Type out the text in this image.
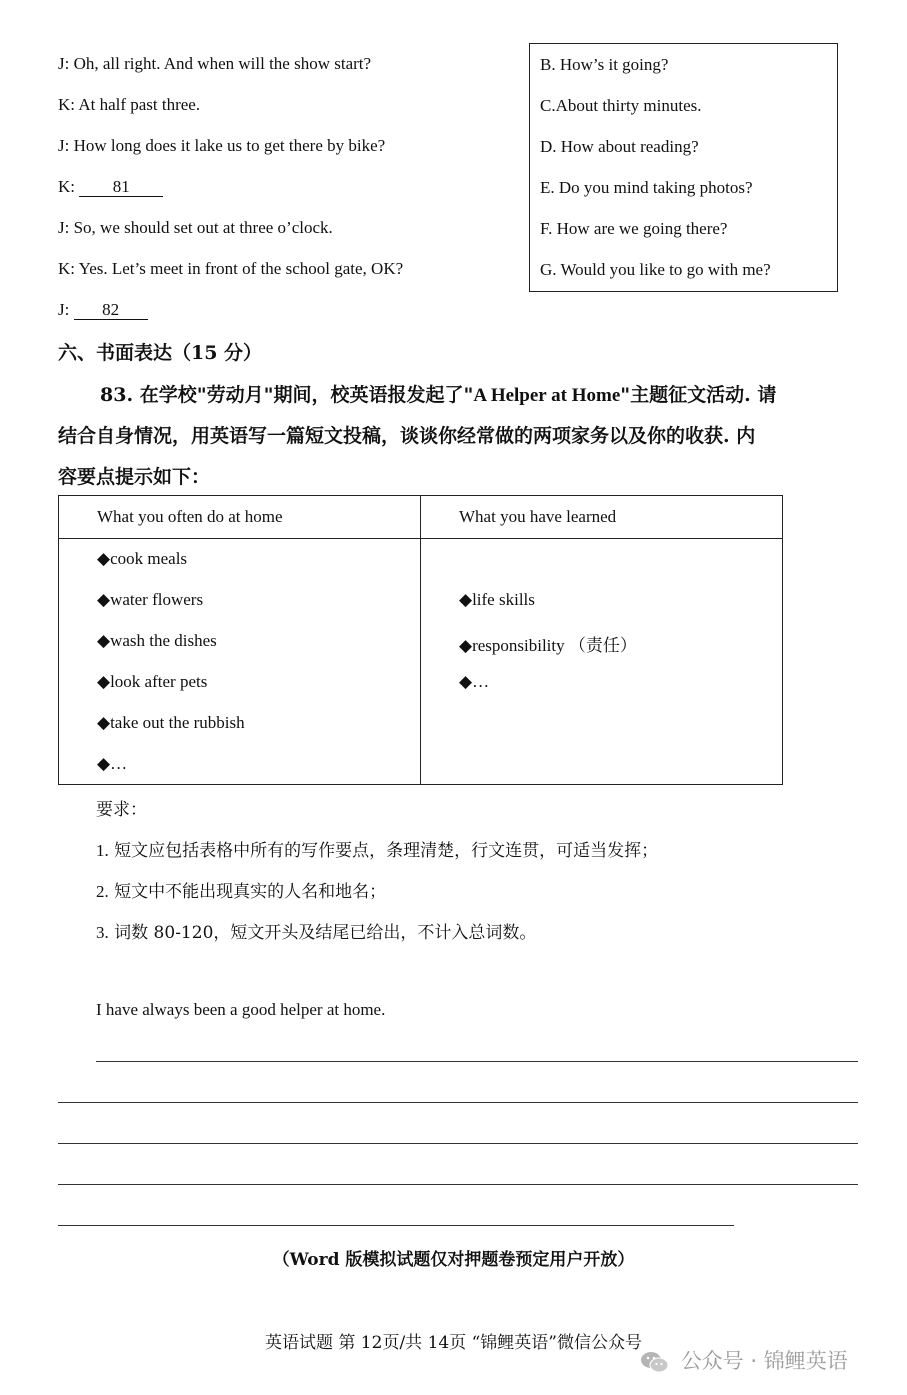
J: Oh, all right. And when will the show start?
K: At half past three.
J: How long does it lake us to get there by bike?
K: 81
J: So, we should set out at three o’clock.
K: Yes. Let’s meet in front of the school gate, OK?
J: 82
B. How’s it going?
C.About thirty minutes.
D. How about reading?
E. Do you mind taking photos?
F. How are we going there?
G. Would you like to go with me?
六、书面表达（15 分）
83. 在学校"劳动月"期间，校英语报发起了"A Helper at Home"主题征文活动. 请
结合自身情况，用英语写一篇短文投稿，谈谈你经常做的两项家务以及你的收获. 内
容要点提示如下：
What you often do at home	What you have learned
◆cook meals
◆water flowers
◆wash the dishes
◆look after pets
◆take out the rubbish
◆…
◆life skills
◆responsibility （责任）
◆…
要求：
1. 短文应包括表格中所有的写作要点，条理清楚，行文连贯，可适当发挥；
2. 短文中不能出现真实的人名和地名；
3. 词数 80-120，短文开头及结尾已给出，不计入总词数。
I have always been a good helper at home.
（Word 版模拟试题仅对押题卷预定用户开放）
英语试题 第 12页/共 14页 “锦鲤英语”微信公众号
公众号 · 锦鲤英语
